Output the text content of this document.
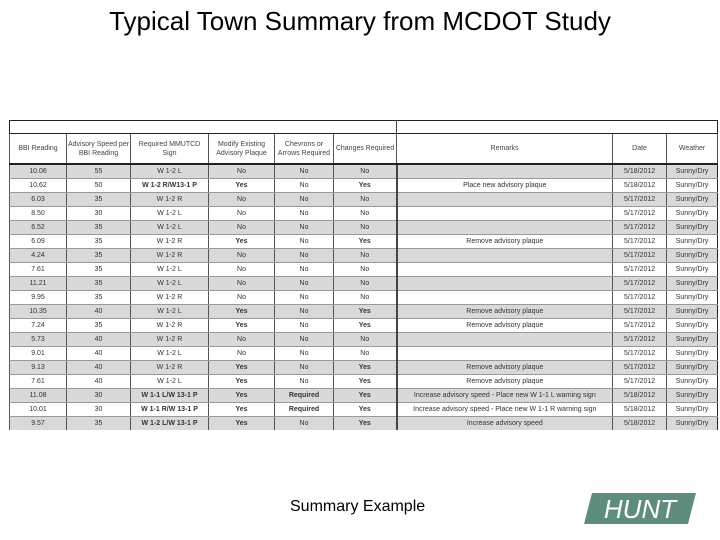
Typical Town Summary from MCDOT Study

BBI Reading	Advisory Speed per BBI Reading	Required MMUTCD Sign	Modify Existing Advisory Plaque	Chevrons or Arrows Required	Changes Required	Remarks	Date	Weather
10.06	55	W 1-2 L	No	No	No		5/18/2012	Sunny/Dry
10.62	50	W 1-2 R/W13-1 P	Yes	No	Yes	Place new advisory plaque	5/18/2012	Sunny/Dry
6.03	35	W 1-2 R	No	No	No		5/17/2012	Sunny/Dry
8.50	30	W 1-2 L	No	No	No		5/17/2012	Sunny/Dry
6.52	35	W 1-2 L	No	No	No		5/17/2012	Sunny/Dry
6.09	35	W 1-2 R	Yes	No	Yes	Remove advisory plaque	5/17/2012	Sunny/Dry
4.24	35	W 1-2 R	No	No	No		5/17/2012	Sunny/Dry
7.61	35	W 1-2 L	No	No	No		5/17/2012	Sunny/Dry
11.21	35	W 1-2 L	No	No	No		5/17/2012	Sunny/Dry
9.95	35	W 1-2 R	No	No	No		5/17/2012	Sunny/Dry
10.35	40	W 1-2 L	Yes	No	Yes	Remove advisory plaque	5/17/2012	Sunny/Dry
7.24	35	W 1-2 R	Yes	No	Yes	Remove advisory plaque	5/17/2012	Sunny/Dry
5.73	40	W 1-2 R	No	No	No		5/17/2012	Sunny/Dry
9.01	40	W 1-2 L	No	No	No		5/17/2012	Sunny/Dry
9.13	40	W 1-2 R	Yes	No	Yes	Remove advisory plaque	5/17/2012	Sunny/Dry
7.61	40	W 1-2 L	Yes	No	Yes	Remove advisory plaque	5/17/2012	Sunny/Dry
11.08	30	W 1-1 L/W 13-1 P	Yes	Required	Yes	Increase advisory speed - Place new W 1-1 L warning sign	5/18/2012	Sunny/Dry
10.01	30	W 1-1 R/W 13-1 P	Yes	Required	Yes	Increase advisory speed - Place new W 1-1 R warning sign	5/18/2012	Sunny/Dry
9.57	35	W 1-2 L/W 13-1 P	Yes	No	Yes	Increase advisory speed	5/18/2012	Sunny/Dry
Summary Example	HUNT
